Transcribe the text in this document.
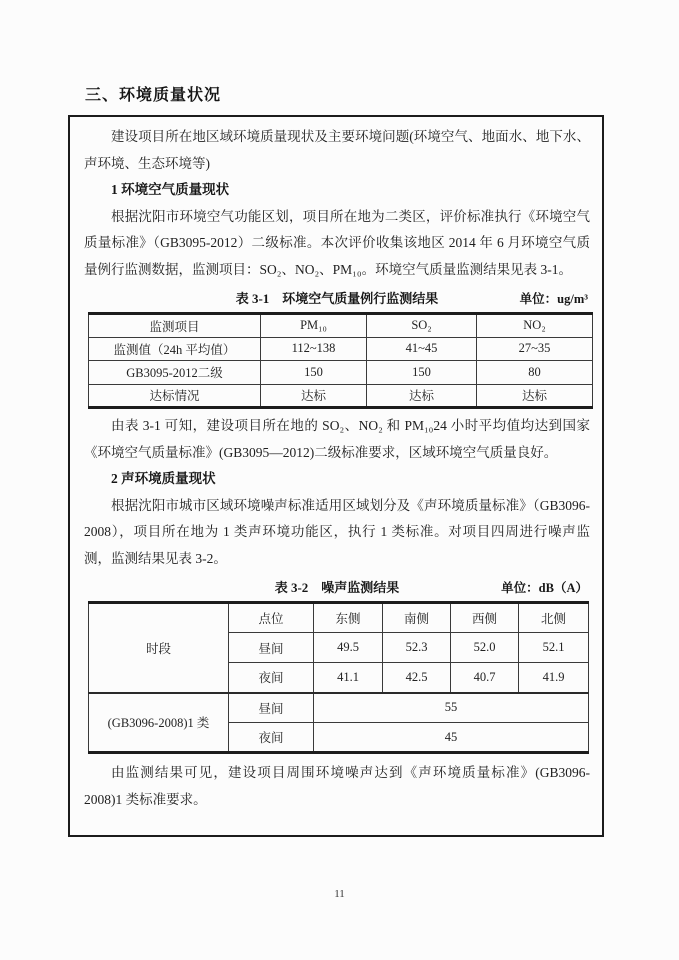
三、环境质量状况

建设项目所在地区域环境质量现状及主要环境问题(环境空气、地面水、地下水、声环境、生态环境等)

1 环境空气质量现状

根据沈阳市环境空气功能区划，项目所在地为二类区，评价标准执行《环境空气质量标准》（GB3095-2012）二级标准。本次评价收集该地区 2014 年 6 月环境空气质量例行监测数据，监测项目：SO₂、NO₂、PM₁₀。环境空气质量监测结果见表 3-1。

表 3-1　环境空气质量例行监测结果	单位：ug/m³
监测项目	PM₁₀	SO₂	NO₂
监测值（24h 平均值）	112~138	41~45	27~35
GB3095-2012二级	150	150	80
达标情况	达标	达标	达标

由表 3-1 可知，建设项目所在地的 SO₂、NO₂ 和 PM₁₀24 小时平均值均达到国家《环境空气质量标准》(GB3095—2012)二级标准要求，区域环境空气质量良好。

2 声环境质量现状

根据沈阳市城市区域环境噪声标准适用区域划分及《声环境质量标准》（GB3096-2008），项目所在地为 1 类声环境功能区，执行 1 类标准。对项目四周进行噪声监测，监测结果见表 3-2。

表 3-2　噪声监测结果	单位：dB（A）
时段	点位	东侧	南侧	西侧	北侧
	昼间	49.5	52.3	52.0	52.1
	夜间	41.1	42.5	40.7	41.9
(GB3096-2008)1 类	昼间	55			
	夜间	45			

由监测结果可见，建设项目周围环境噪声达到《声环境质量标准》(GB3096-2008)1 类标准要求。

11
